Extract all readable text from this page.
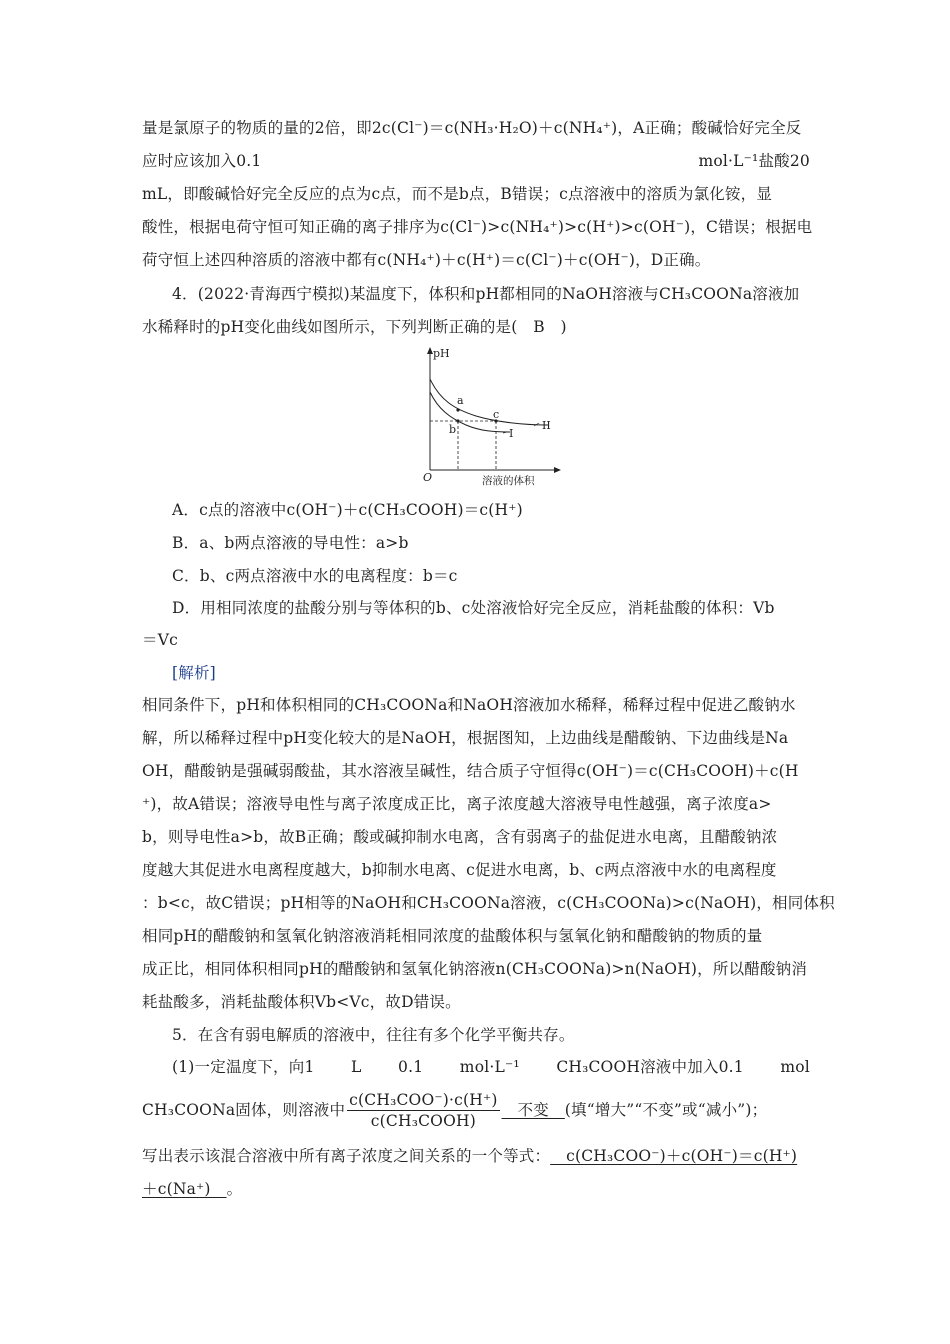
量是氯原子的物质的量的2倍，即2c(Cl⁻)＝c(NH₃·H₂O)＋c(NH₄⁺)，A正确；酸碱恰好完全反
应时应该加入0.1	mol·L⁻¹盐酸20
mL，即酸碱恰好完全反应的点为c点，而不是b点，B错误；c点溶液中的溶质为氯化铵，显
酸性，根据电荷守恒可知正确的离子排序为c(Cl⁻)>c(NH₄⁺)>c(H⁺)>c(OH⁻)，C错误；根据电
荷守恒上述四种溶质的溶液中都有c(NH₄⁺)＋c(H⁺)＝c(Cl⁻)＋c(OH⁻)，D正确。
4．(2022·青海西宁模拟)某温度下，体积和pH都相同的NaOH溶液与CH₃COONa溶液加
水稀释时的pH变化曲线如图所示，下列判断正确的是(　B　)
pH
O	溶液的体积
a
b
c
II
I
A．c点的溶液中c(OH⁻)＋c(CH₃COOH)＝c(H⁺)
B．a、b两点溶液的导电性：a>b
C．b、c两点溶液中水的电离程度：b＝c
D．用相同浓度的盐酸分别与等体积的b、c处溶液恰好完全反应，消耗盐酸的体积：Vb
＝Vc
[解析]
相同条件下，pH和体积相同的CH₃COONa和NaOH溶液加水稀释，稀释过程中促进乙酸钠水
解，所以稀释过程中pH变化较大的是NaOH，根据图知，上边曲线是醋酸钠、下边曲线是Na
OH，醋酸钠是强碱弱酸盐，其水溶液呈碱性，结合质子守恒得c(OH⁻)＝c(CH₃COOH)＋c(H
⁺)，故A错误；溶液导电性与离子浓度成正比，离子浓度越大溶液导电性越强，离子浓度a>
b，则导电性a>b，故B正确；酸或碱抑制水电离，含有弱离子的盐促进水电离，且醋酸钠浓
度越大其促进水电离程度越大，b抑制水电离、c促进水电离，b、c两点溶液中水的电离程度
：b<c，故C错误；pH相等的NaOH和CH₃COONa溶液，c(CH₃COONa)>c(NaOH)，相同体积
相同pH的醋酸钠和氢氧化钠溶液消耗相同浓度的盐酸体积与氢氧化钠和醋酸钠的物质的量
成正比，相同体积相同pH的醋酸钠和氢氧化钠溶液n(CH₃COONa)>n(NaOH)，所以醋酸钠消
耗盐酸多，消耗盐酸体积Vb<Vc，故D错误。
5．在含有弱电解质的溶液中，往往有多个化学平衡共存。
(1)一定温度下，向1 L 0.1 mol·L⁻¹ CH₃COOH溶液中加入0.1 mol
CH₃COONa固体，则溶液中 $\frac{\text{c(CH₃COO⁻)·c(H⁺)}}{\text{c(CH₃COOH)}}$ __不变__ (填“增大”“不变”或“减小”)；
写出表示该混合溶液中所有离子浓度之间关系的一个等式：__c(CH₃COO⁻)＋c(OH⁻)＝c(H⁺)
＋c(Na⁺)__。
